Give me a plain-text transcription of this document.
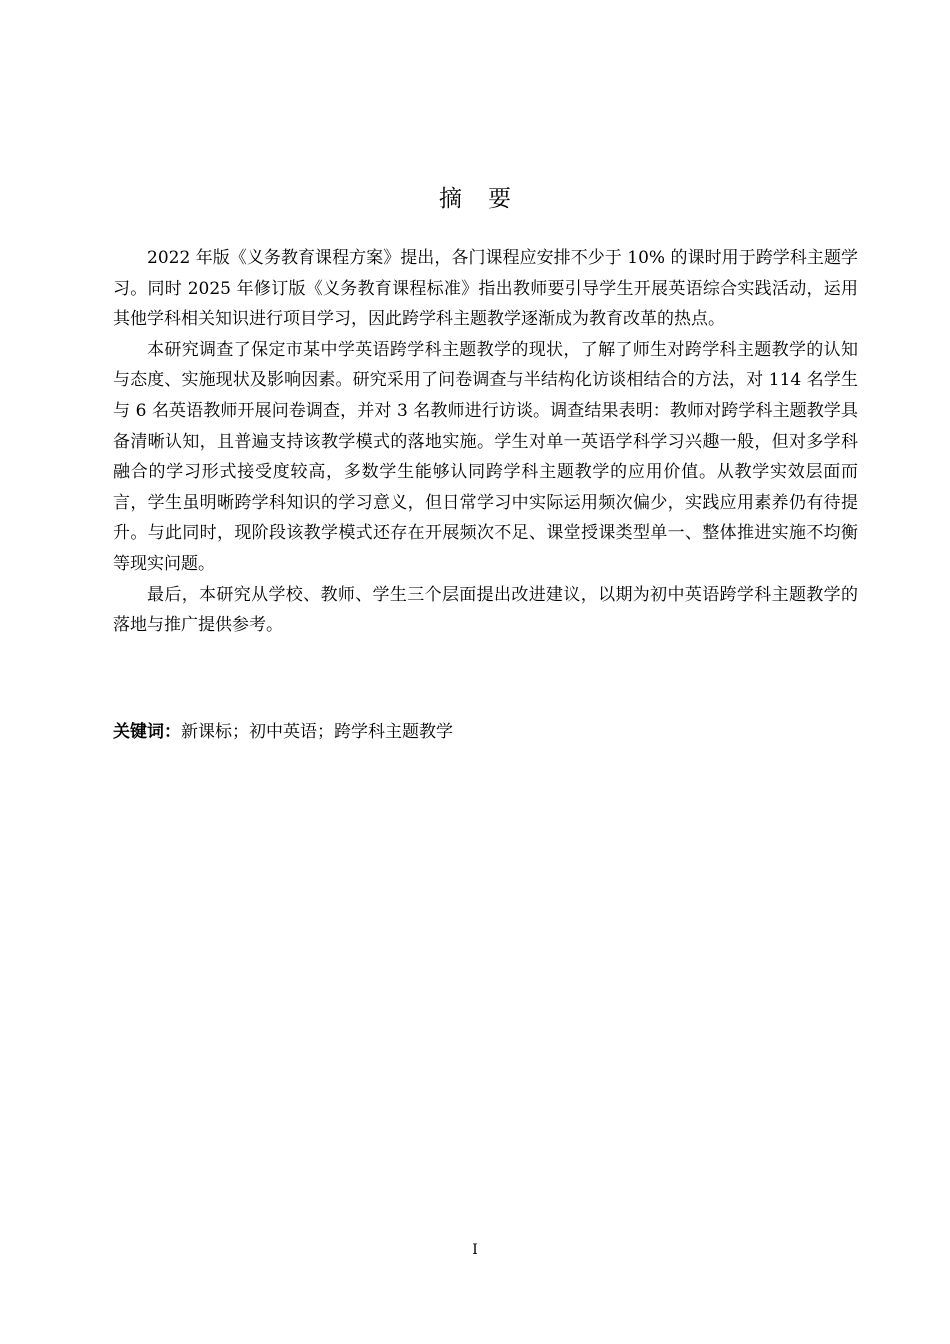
摘 要

2022 年版《义务教育课程方案》提出，各门课程应安排不少于 10% 的课时用于跨学科主题学习。同时 2025 年修订版《义务教育课程标准》指出教师要引导学生开展英语综合实践活动，运用其他学科相关知识进行项目学习，因此跨学科主题教学逐渐成为教育改革的热点。

本研究调查了保定市某中学英语跨学科主题教学的现状，了解了师生对跨学科主题教学的认知与态度、实施现状及影响因素。研究采用了问卷调查与半结构化访谈相结合的方法，对 114 名学生与 6 名英语教师开展问卷调查，并对 3 名教师进行访谈。调查结果表明：教师对跨学科主题教学具备清晰认知，且普遍支持该教学模式的落地实施。学生对单一英语学科学习兴趣一般，但对多学科融合的学习形式接受度较高，多数学生能够认同跨学科主题教学的应用价值。从教学实效层面而言，学生虽明晰跨学科知识的学习意义，但日常学习中实际运用频次偏少，实践应用素养仍有待提升。与此同时，现阶段该教学模式还存在开展频次不足、课堂授课类型单一、整体推进实施不均衡等现实问题。

最后，本研究从学校、教师、学生三个层面提出改进建议，以期为初中英语跨学科主题教学的落地与推广提供参考。

关键词：新课标；初中英语；跨学科主题教学
I
